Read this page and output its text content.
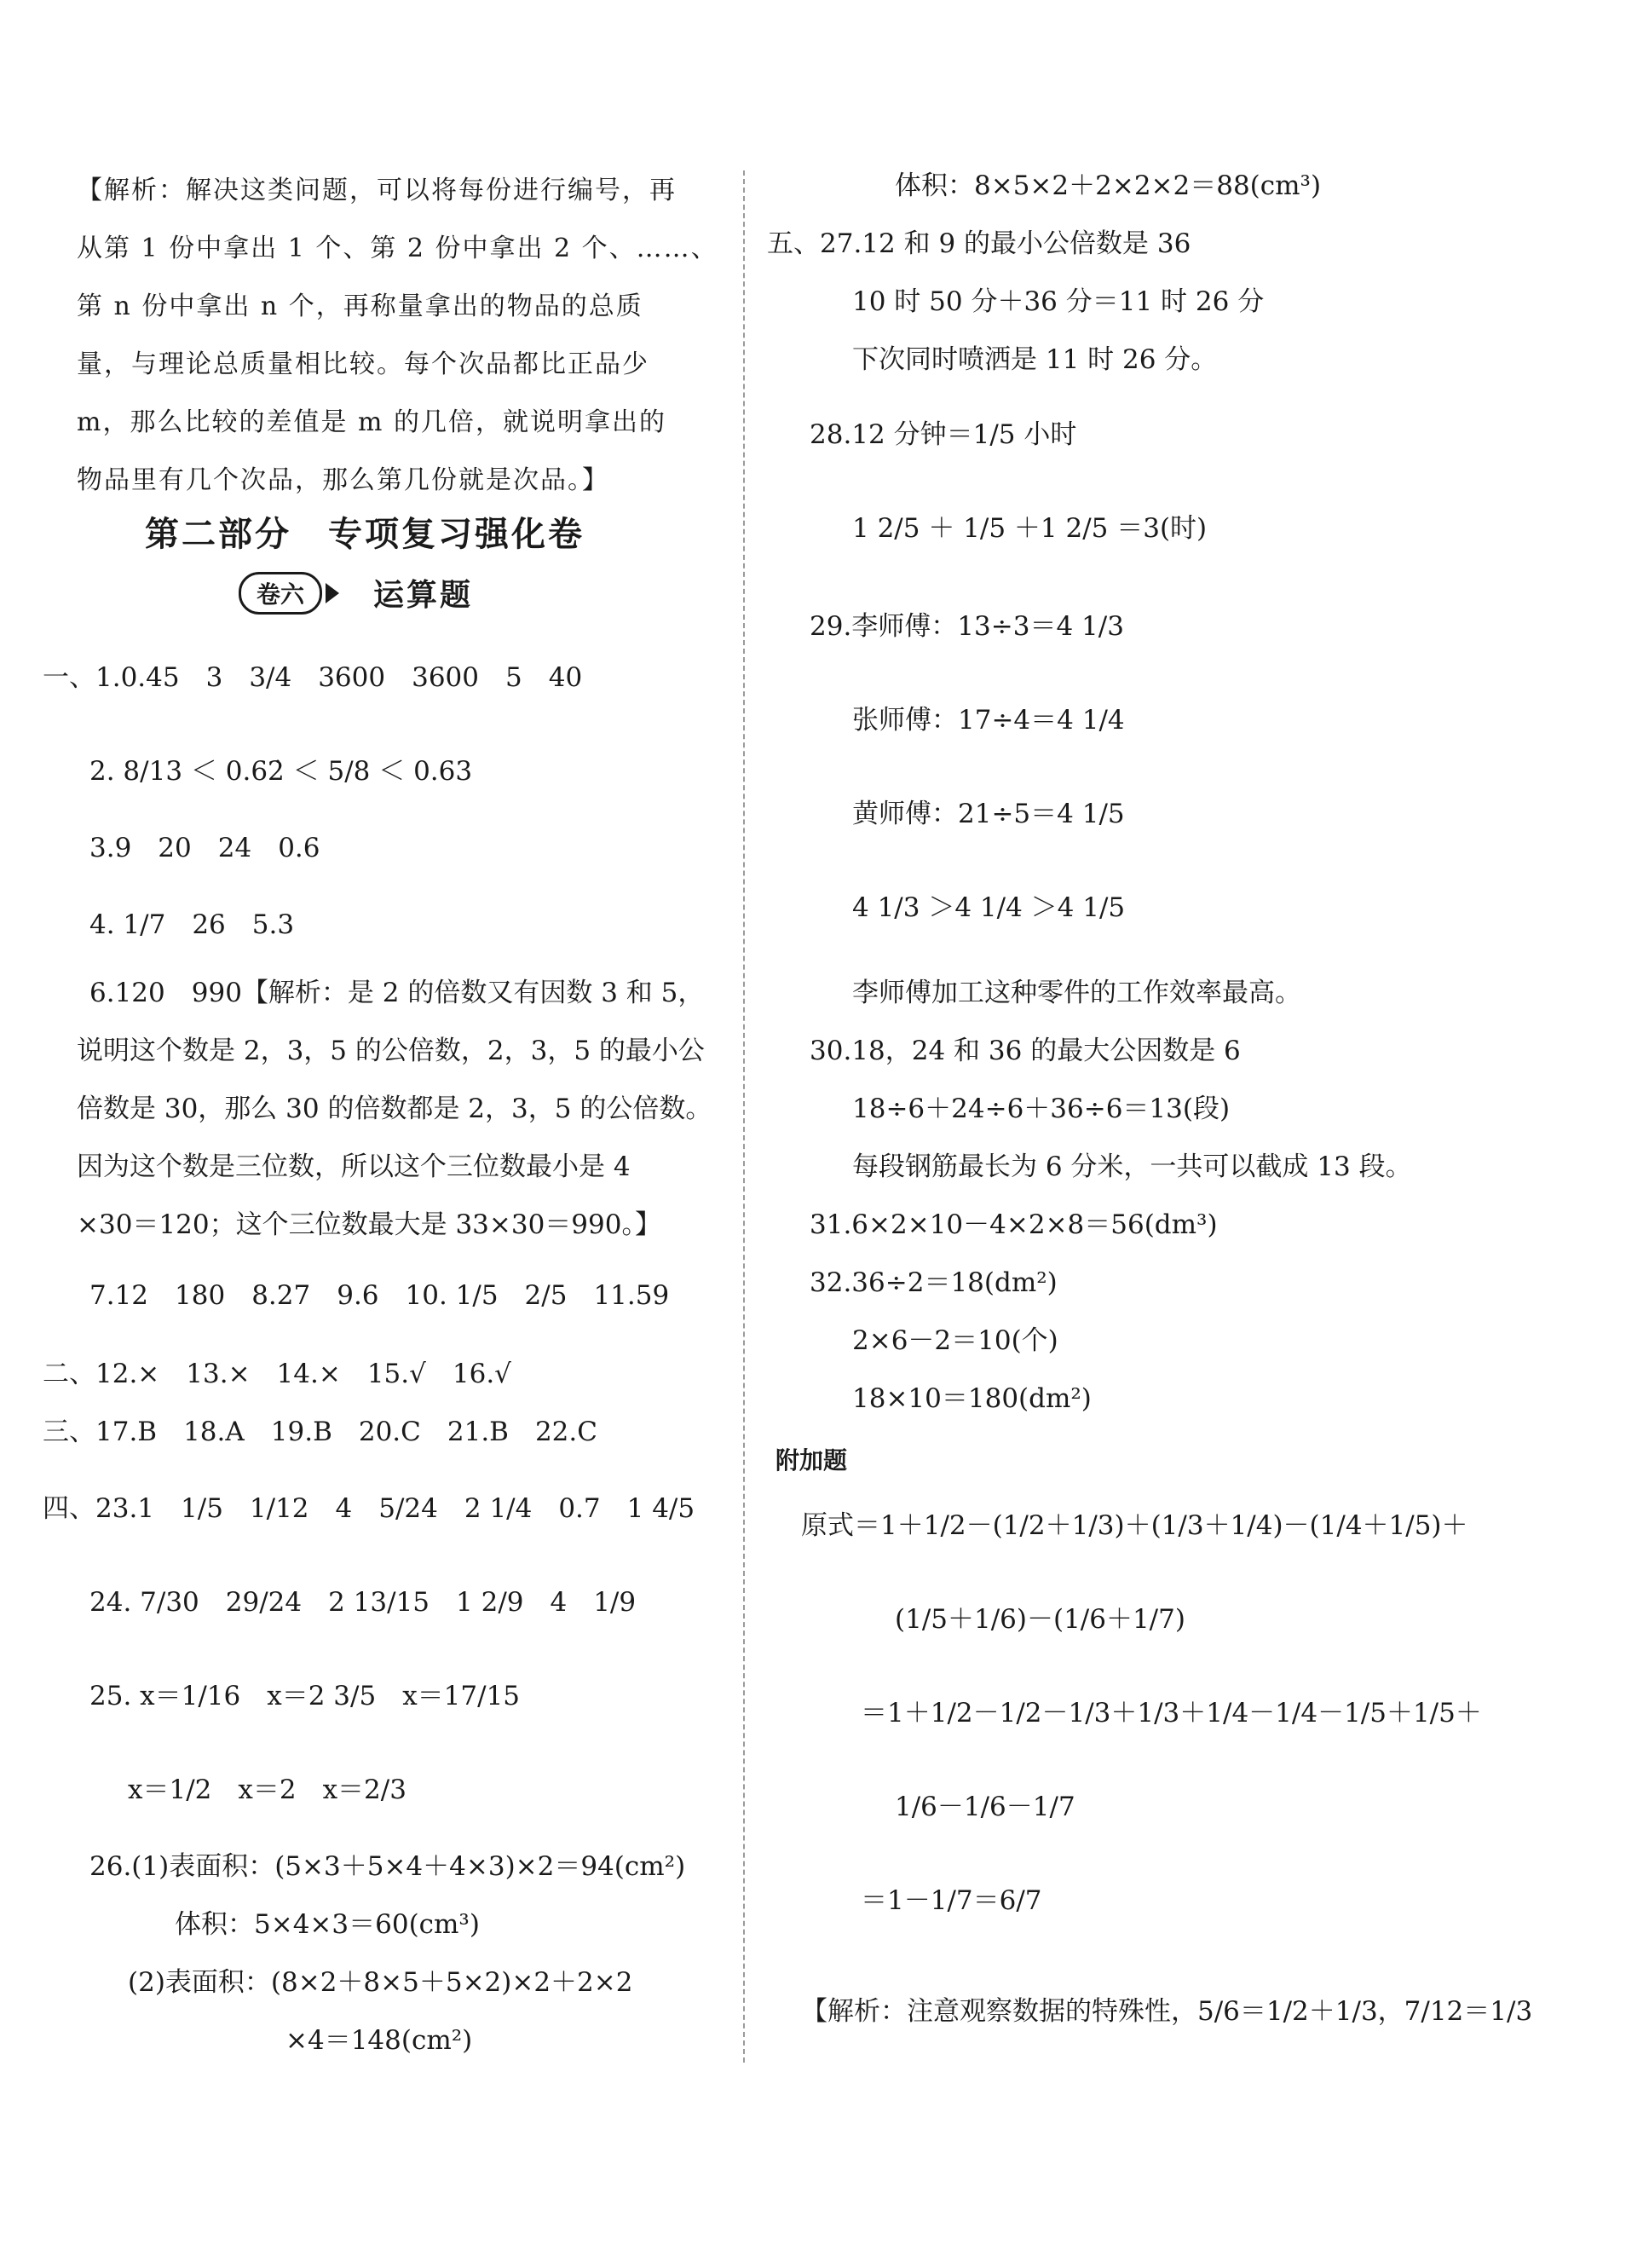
【解析：解决这类问题，可以将每份进行编号，再
从第 1 份中拿出 1 个、第 2 份中拿出 2 个、……、
第 n 份中拿出 n 个，再称量拿出的物品的总质
量，与理论总质量相比较。每个次品都比正品少
m，那么比较的差值是 m 的几倍，就说明拿出的
物品里有几个次品，那么第几份就是次品。】
第二部分　专项复习强化卷
卷六	运算题
一、1.0.45　3　3/4　3600　3600　5　40
2. 8/13 ＜ 0.62̇ ＜ 5/8 ＜ 0.63
3.9　20　24　0.6
4. 1/7　26　5.3
6.120　990【解析：是 2 的倍数又有因数 3 和 5，
说明这个数是 2，3，5 的公倍数，2，3，5 的最小公
倍数是 30，那么 30 的倍数都是 2，3，5 的公倍数。
因为这个数是三位数，所以这个三位数最小是 4
×30＝120；这个三位数最大是 33×30＝990。】
7.12　180　8.27　9.6　10. 1/5　2/5　11.59
二、12.×　13.×　14.×　15.√　16.√
三、17.B　18.A　19.B　20.C　21.B　22.C
四、23.1　1/5　1/12　4　5/24　2 1/4　0.7　1 4/5
24. 7/30　29/24　2 13/15　1 2/9　4　1/9
25. x＝1/16　x＝2 3/5　x＝17/15
x＝1/2　x＝2　x＝2/3
26.(1)表面积：(5×3＋5×4＋4×3)×2＝94(cm²)
体积：5×4×3＝60(cm³)
(2)表面积：(8×2＋8×5＋5×2)×2＋2×2
×4＝148(cm²)
体积：8×5×2＋2×2×2＝88(cm³)
五、27.12 和 9 的最小公倍数是 36
10 时 50 分＋36 分＝11 时 26 分
下次同时喷洒是 11 时 26 分。
28.12 分钟＝1/5 小时
1 2/5 ＋ 1/5 ＋1 2/5 ＝3(时)
29.李师傅：13÷3＝4 1/3
张师傅：17÷4＝4 1/4
黄师傅：21÷5＝4 1/5
4 1/3 ＞4 1/4 ＞4 1/5
李师傅加工这种零件的工作效率最高。
30.18，24 和 36 的最大公因数是 6
18÷6＋24÷6＋36÷6＝13(段)
每段钢筋最长为 6 分米，一共可以截成 13 段。
31.6×2×10－4×2×8＝56(dm³)
32.36÷2＝18(dm²)
2×6－2＝10(个)
18×10＝180(dm²)
附加题
原式＝1＋1/2－(1/2＋1/3)＋(1/3＋1/4)－(1/4＋1/5)＋
(1/5＋1/6)－(1/6＋1/7)
＝1＋1/2－1/2－1/3＋1/3＋1/4－1/4－1/5＋1/5＋
1/6－1/6－1/7
＝1－1/7＝6/7
【解析：注意观察数据的特殊性，5/6＝1/2＋1/3，7/12＝1/3
